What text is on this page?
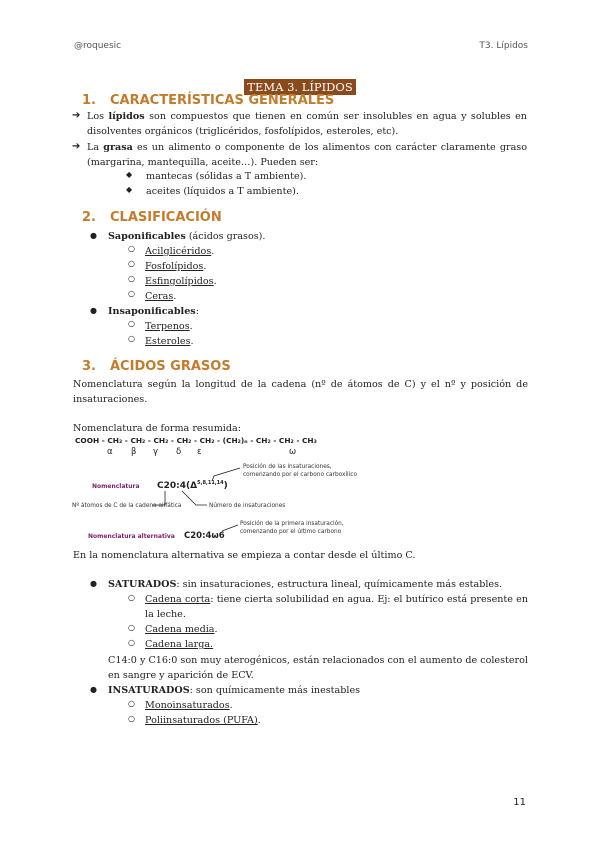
@roquesic	T3. Lípidos
TEMA 3. LÍPIDOS
1. CARACTERÍSTICAS GENERALES
➔ Los lípidos son compuestos que tienen en común ser insolubles en agua y solubles en disolventes orgánicos (triglicéridos, fosfolípidos, esteroles, etc).
➔ La grasa es un alimento o componente de los alimentos con carácter claramente graso (margarina, mantequilla, aceite…). Pueden ser:
◆ mantecas (sólidas a T ambiente).
◆ aceites (líquidos a T ambiente).
2. CLASIFICACIÓN
● Saponificables (ácidos grasos).
○ Acilglicéridos.
○ Fosfolípidos.
○ Esfingolípidos.
○ Ceras.
● Insaponificables:
○ Terpenos.
○ Esteroles.
3. ÁCIDOS GRASOS
Nomenclatura según la longitud de la cadena (nº de átomos de C) y el nº y posición de insaturaciones.
Nomenclatura de forma resumida:
COOH - CH₂ - CH₂ - CH₂ - CH₂ - CH₂ - (CH₂)ₙ - CH₂ - CH₂ - CH₃
α β γ δ ε	ω
Nomenclatura $C20:4(\Delta^{5,8,11,14})$
Posición de las insaturaciones, comenzando por el carbono carboxílico
Nº átomos de C de la cadena alifática	Número de insaturaciones
Nomenclatura alternativa C20:4ω6
Posición de la primera insaturación, comenzando por el último carbono
En la nomenclatura alternativa se empieza a contar desde el último C.
● SATURADOS: sin insaturaciones, estructura lineal, químicamente más estables.
○ Cadena corta: tiene cierta solubilidad en agua. Ej: el butírico está presente en la leche.
○ Cadena media.
○ Cadena larga.
C14:0 y C16:0 son muy aterogénicos, están relacionados con el aumento de colesterol en sangre y aparición de ECV.
● INSATURADOS: son químicamente más inestables
○ Monoinsaturados.
○ Poliinsaturados (PUFA).
11
